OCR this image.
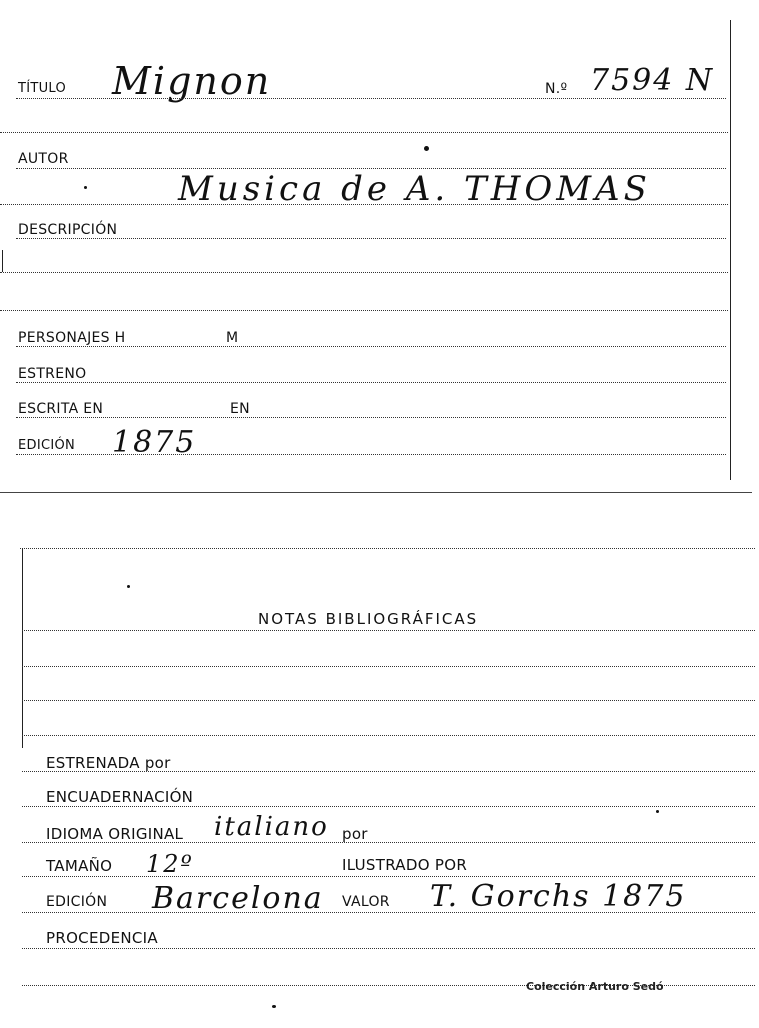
TÍTULO Mignon	N.º 7594 N
AUTOR
Musica de A. THOMAS
DESCRIPCIÓN
PERSONAJES H	M
ESTRENO
ESCRITA EN	EN
EDICIÓN 1875
NOTAS BIBLIOGRÁFICAS
ESTRENADA por
ENCUADERNACIÓN
IDIOMA ORIGINAL italiano por
TAMAÑO 12º	ILUSTRADO POR
EDICIÓN Barcelona VALOR T. Gorchs 1875
PROCEDENCIA
Colección Arturo Sedó
